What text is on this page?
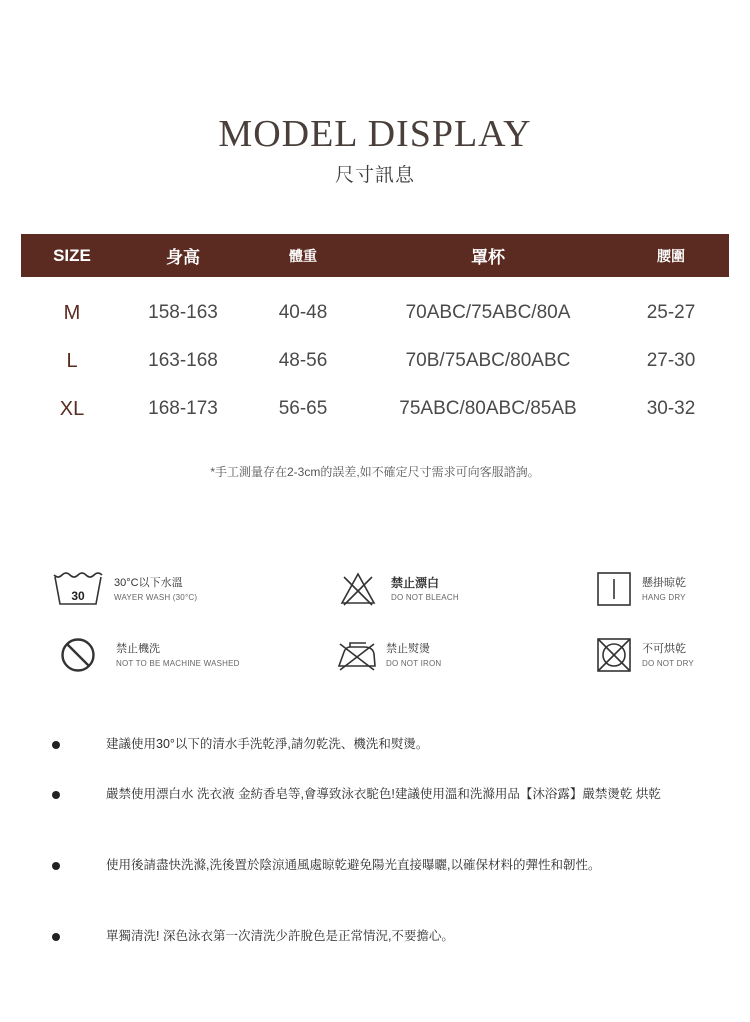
MODEL DISPLAY
尺寸訊息
SIZE	身高	體重	罩杯	腰圍
M	158-163	40-48	70ABC/75ABC/80A	25-27
L	163-168	48-56	70B/75ABC/80ABC	27-30
XL	168-173	56-65	75ABC/80ABC/85AB	30-32
*手工測量存在2-3cm的誤差,如不確定尺寸需求可向客服諮詢。
30
30°C以下水溫
WAYER WASH (30°C)
禁止漂白
DO NOT BLEACH
懸掛晾乾
HANG DRY
禁止機洗
NOT TO BE MACHINE WASHED
禁止熨燙
DO NOT IRON
不可烘乾
DO NOT DRY
建議使用30°以下的清水手洗乾淨,請勿乾洗、機洗和熨燙。
嚴禁使用漂白水 洗衣液 金紡香皂等,會導致泳衣駝色!建議使用溫和洗滌用品【沐浴露】嚴禁燙乾 烘乾
使用後請盡快洗滌,洗後置於陰涼通風處晾乾避免陽光直接曝曬,以確保材料的彈性和韌性。
單獨清洗! 深色泳衣第一次清洗少許脫色是正常情況,不要擔心。
